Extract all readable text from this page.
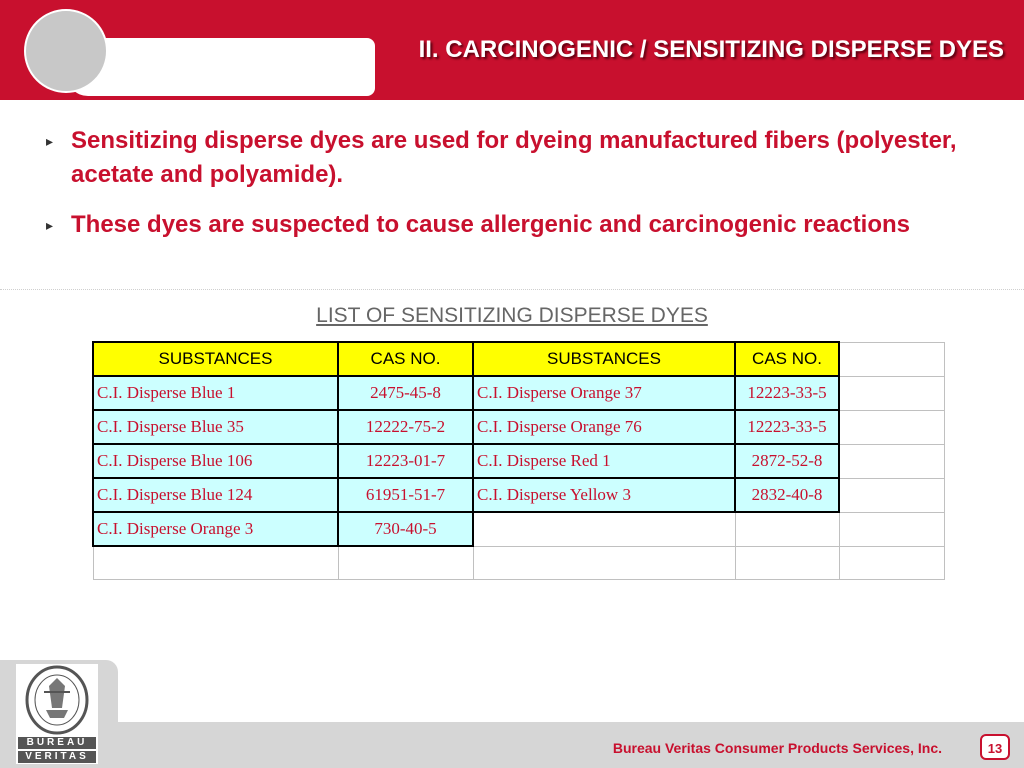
II. CARCINOGENIC / SENSITIZING DISPERSE DYES
▸ Sensitizing disperse dyes are used for dyeing manufactured fibers (polyester, acetate and polyamide).
▸ These dyes are suspected to cause allergenic and carcinogenic reactions
LIST OF SENSITIZING DISPERSE DYES
SUBSTANCES	CAS NO.	SUBSTANCES	CAS NO.	
C.I. Disperse Blue 1	2475-45-8	C.I. Disperse Orange 37	12223-33-5	
C.I. Disperse Blue 35	12222-75-2	C.I. Disperse Orange 76	12223-33-5	
C.I. Disperse Blue 106	12223-01-7	C.I. Disperse Red 1	2872-52-8	
C.I. Disperse Blue 124	61951-51-7	C.I. Disperse Yellow 3	2832-40-8	
C.I. Disperse Orange 3	730-40-5			

BUREAU
VERITAS
Bureau Veritas Consumer Products Services, Inc.	13
